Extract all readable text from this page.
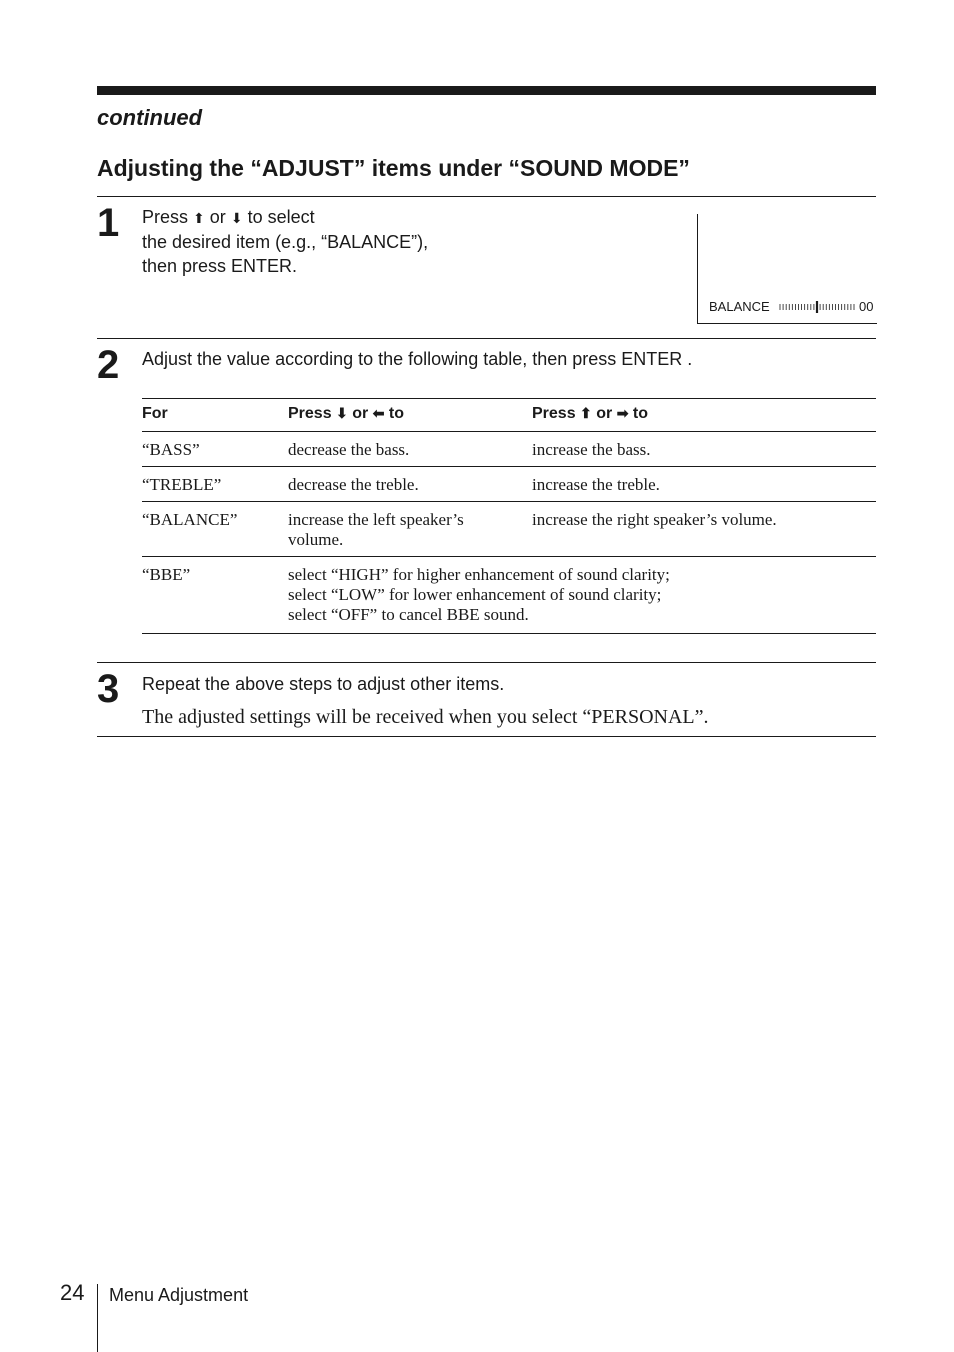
continued
Adjusting the “ADJUST” items under “SOUND MODE”
1 Press ⬆ or ⬇ to select
the desired item (e.g., “BALANCE”),
then press ENTER.
BALANCE	00
2 Adjust the value according to the following table, then press ENTER .
For	Press ⬇ or ⬅ to	Press ⬆ or ➡ to
“BASS”	decrease the bass.	increase the bass.
“TREBLE”	decrease the treble.	increase the treble.
“BALANCE”	increase the left speaker’s volume.	increase the right speaker’s volume.
“BBE”	select “HIGH” for higher enhancement of sound clarity;
select “LOW” for lower enhancement of sound clarity;
select “OFF” to cancel BBE sound.	
3 Repeat the above steps to adjust other items.
The adjusted settings will be received when you select “PERSONAL”.
24 Menu Adjustment
